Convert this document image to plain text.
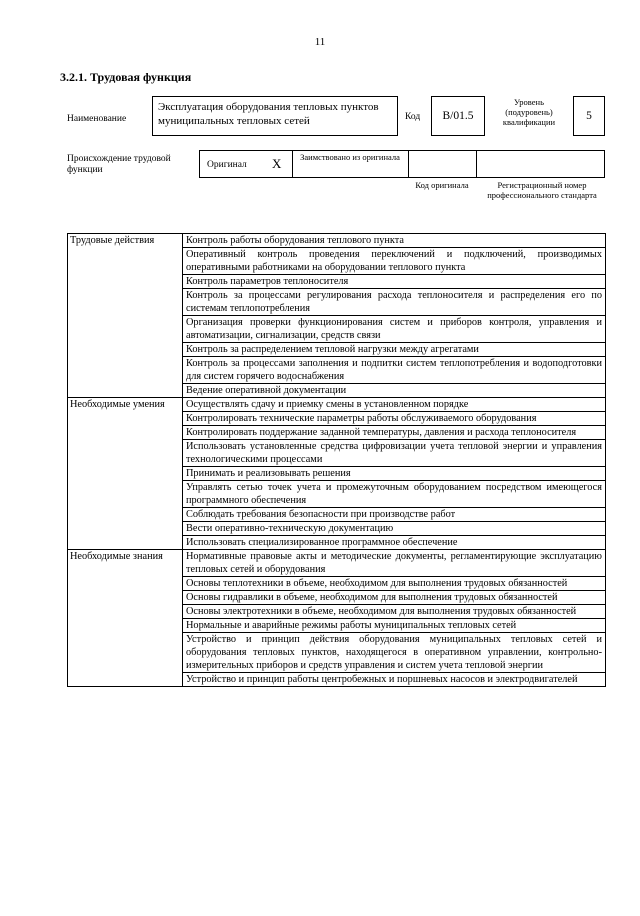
11
3.2.1. Трудовая функция
Наименование
Эксплуатация оборудования тепловых пунктов муниципальных тепловых сетей	Код B/01.5
Уровень (подуровень) квалификации	5
Происхождение трудовой функции	Оригинал X	Заимствовано из оригинала
Код оригинала	Регистрационный номер профессионального стандарта
Трудовые действия	Контроль работы оборудования теплового пункта
	Оперативный контроль проведения переключений и подключений, производимых оперативными работниками на оборудовании теплового пункта
	Контроль параметров теплоносителя
	Контроль за процессами регулирования расхода теплоносителя и распределения его по системам теплопотребления
	Организация проверки функционирования систем и приборов контроля, управления и автоматизации, сигнализации, средств связи
	Контроль за распределением тепловой нагрузки между агрегатами
	Контроль за процессами заполнения и подпитки систем теплопотребления и водоподготовки для систем горячего водоснабжения
	Ведение оперативной документации
Необходимые умения	Осуществлять сдачу и приемку смены в установленном порядке
	Контролировать технические параметры работы обслуживаемого оборудования
	Контролировать поддержание заданной температуры, давления и расхода теплоносителя
	Использовать установленные средства цифровизации учета тепловой энергии и управления технологическими процессами
	Принимать и реализовывать решения
	Управлять сетью точек учета и промежуточным оборудованием посредством имеющегося программного обеспечения
	Соблюдать требования безопасности при производстве работ
	Вести оперативно-техническую документацию
	Использовать специализированное программное обеспечение
Необходимые знания	Нормативные правовые акты и методические документы, регламентирующие эксплуатацию тепловых сетей и оборудования
	Основы теплотехники в объеме, необходимом для выполнения трудовых обязанностей
	Основы гидравлики в объеме, необходимом для выполнения трудовых обязанностей
	Основы электротехники в объеме, необходимом для выполнения трудовых обязанностей
	Нормальные и аварийные режимы работы муниципальных тепловых сетей
	Устройство и принцип действия оборудования муниципальных тепловых сетей и оборудования тепловых пунктов, находящегося в оперативном управлении, контрольно-измерительных приборов и средств управления и систем учета тепловой энергии
	Устройство и принцип работы центробежных и поршневых насосов и электродвигателей
